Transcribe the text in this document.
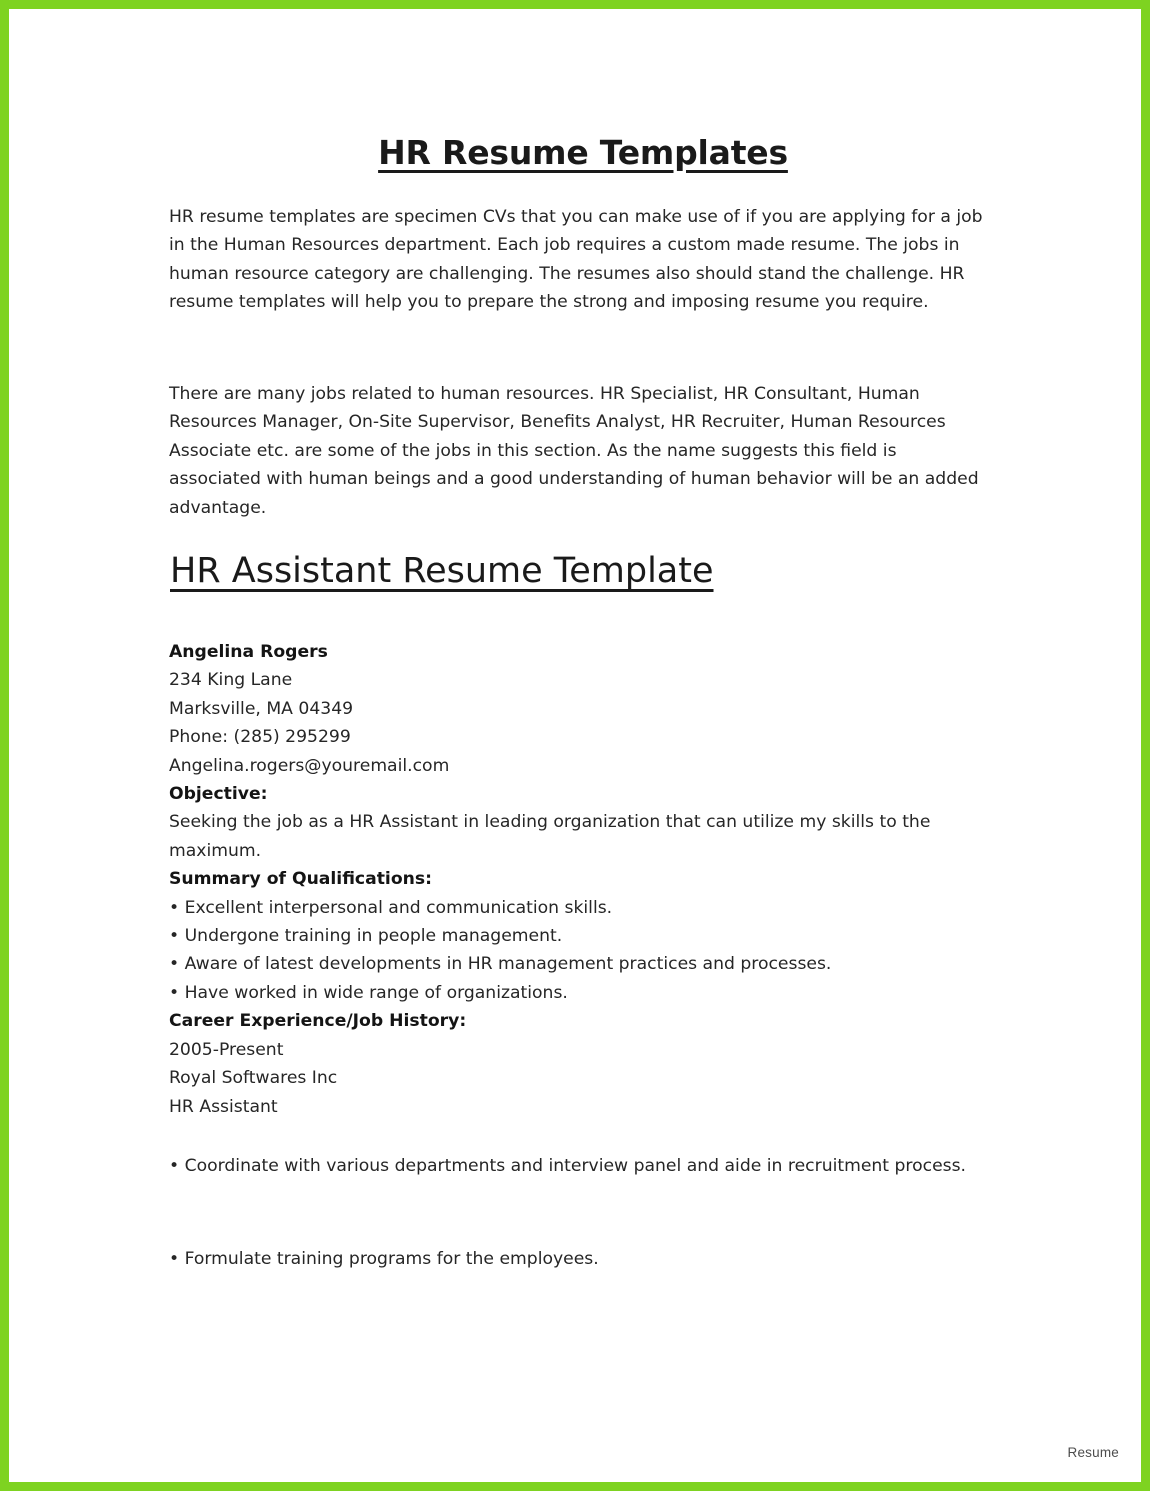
HR Resume Templates

HR resume templates are specimen CVs that you can make use of if you are applying for a job in the Human Resources department. Each job requires a custom made resume. The jobs in human resource category are challenging. The resumes also should stand the challenge. HR resume templates will help you to prepare the strong and imposing resume you require.

There are many jobs related to human resources. HR Specialist, HR Consultant, Human Resources Manager, On-Site Supervisor, Benefits Analyst, HR Recruiter, Human Resources Associate etc. are some of the jobs in this section. As the name suggests this field is associated with human beings and a good understanding of human behavior will be an added advantage.

HR Assistant Resume Template
Angelina Rogers
234 King Lane
Marksville, MA 04349
Phone: (285) 295299
Angelina.rogers@youremail.com
Objective:
Seeking the job as a HR Assistant in leading organization that can utilize my skills to the maximum.
Summary of Qualifications:
• Excellent interpersonal and communication skills.
• Undergone training in people management.
• Aware of latest developments in HR management practices and processes.
• Have worked in wide range of organizations.
Career Experience/Job History:
2005-Present
Royal Softwares Inc
HR Assistant

• Coordinate with various departments and interview panel and aide in recruitment process.

• Formulate training programs for the employees.

Resume
